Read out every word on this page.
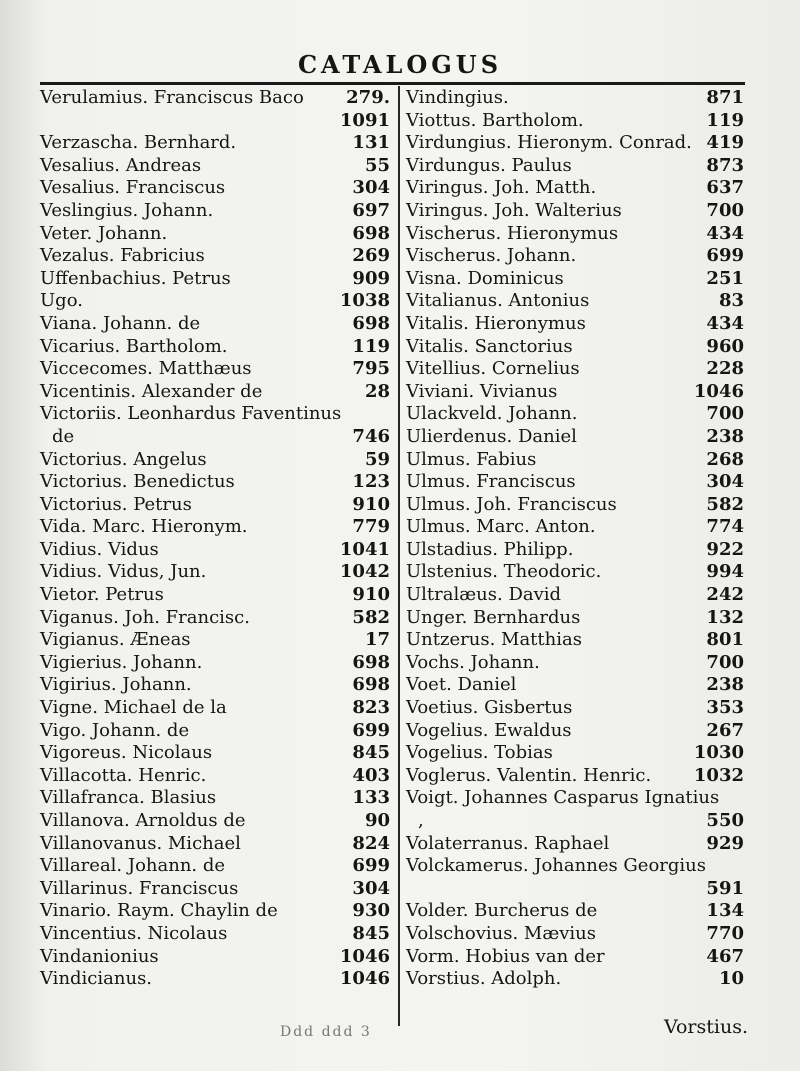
CATALOGUS
Verulamius. Franciscus Baco 279.
1091
Verzascha. Bernhard.	131
Vesalius. Andreas	55
Vesalius. Franciscus	304
Veslingius. Johann.	697
Veter. Johann.	698
Vezalus. Fabricius	269
Uffenbachius. Petrus	909
Ugo.	1038
Viana. Johann. de	698
Vicarius. Bartholom.	119
Viccecomes. Matthæus	795
Vicentinis. Alexander de	28
Victoriis. Leonhardus Faventinus
de	746
Victorius. Angelus	59
Victorius. Benedictus	123
Victorius. Petrus	910
Vida. Marc. Hieronym.	779
Vidius. Vidus	1041
Vidius. Vidus, Jun.	1042
Vietor. Petrus	910
Viganus. Joh. Francisc.	582
Vigianus. Æneas	17
Vigierius. Johann.	698
Vigirius. Johann.	698
Vigne. Michael de la	823
Vigo. Johann. de	699
Vigoreus. Nicolaus	845
Villacotta. Henric.	403
Villafranca. Blasius	133
Villanova. Arnoldus de	90
Villanovanus. Michael	824
Villareal. Johann. de	699
Villarinus. Franciscus	304
Vinario. Raym. Chaylin de	930
Vincentius. Nicolaus	845
Vindanionius	1046
Vindicianus.	1046
Vindingius.	871
Viottus. Bartholom.	119
Virdungius. Hieronym. Conrad. 419
Virdungus. Paulus	873
Viringus. Joh. Matth.	637
Viringus. Joh. Walterius	700
Vischerus. Hieronymus	434
Vischerus. Johann.	699
Visna. Dominicus	251
Vitalianus. Antonius	83
Vitalis. Hieronymus	434
Vitalis. Sanctorius	960
Vitellius. Cornelius	228
Viviani. Vivianus	1046
Ulackveld. Johann.	700
Ulierdenus. Daniel	238
Ulmus. Fabius	268
Ulmus. Franciscus	304
Ulmus. Joh. Franciscus	582
Ulmus. Marc. Anton.	774
Ulstadius. Philipp.	922
Ulstenius. Theodoric.	994
Ultralæus. David	242
Unger. Bernhardus	132
Untzerus. Matthias	801
Vochs. Johann.	700
Voet. Daniel	238
Voetius. Gisbertus	353
Vogelius. Ewaldus	267
Vogelius. Tobias	1030
Voglerus. Valentin. Henric. 1032
Voigt. Johannes Casparus Ignatius
,	550
Volaterranus. Raphael	929
Volckamerus. Johannes Georgius
591
Volder. Burcherus de	134
Volschovius. Mævius	770
Vorm. Hobius van der	467
Vorstius. Adolph.	10
Ddd ddd 3	Vorstius.
